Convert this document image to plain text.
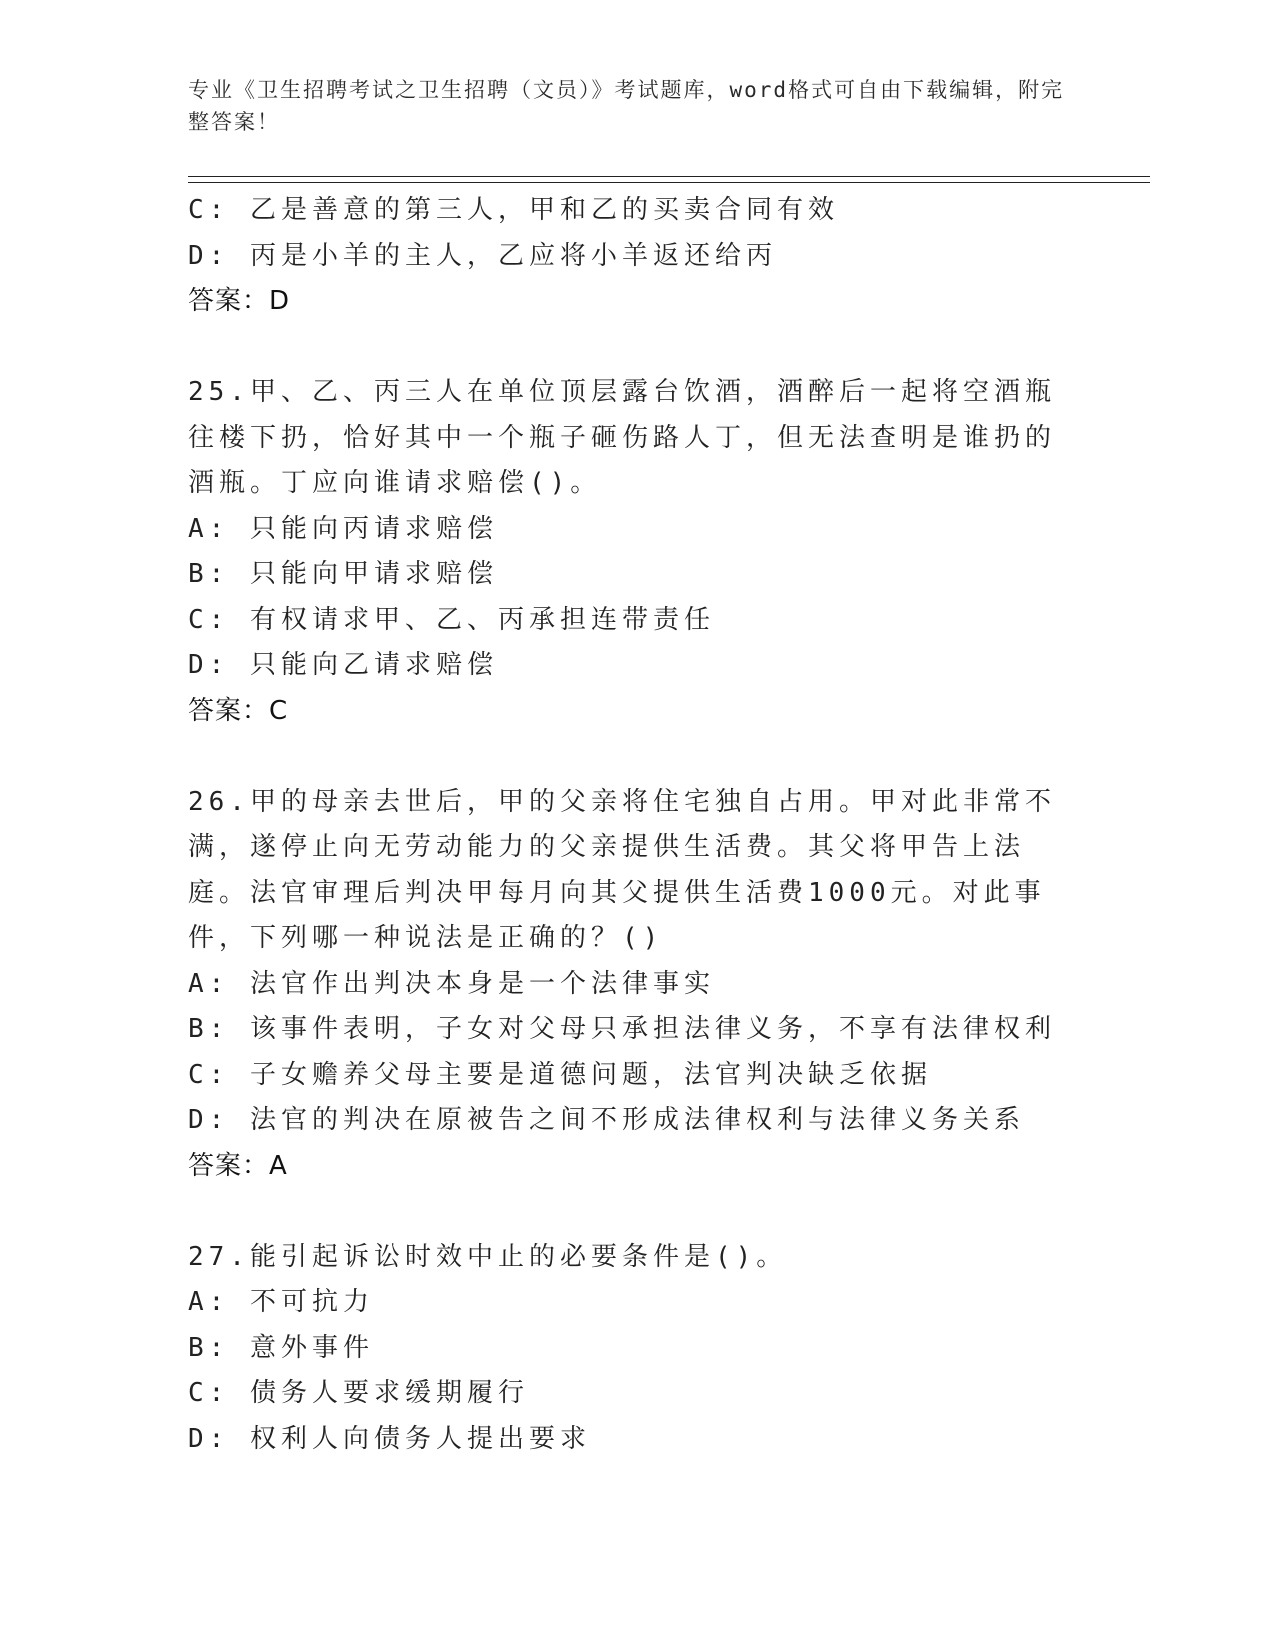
专业《卫生招聘考试之卫生招聘（文员）》考试题库，word格式可自由下载编辑，附完整答案！
C: 乙是善意的第三人，甲和乙的买卖合同有效
D: 丙是小羊的主人，乙应将小羊返还给丙
答案：D
25.甲、乙、丙三人在单位顶层露台饮酒，酒醉后一起将空酒瓶往楼下扔，恰好其中一个瓶子砸伤路人丁，但无法查明是谁扔的酒瓶。丁应向谁请求赔偿()。
A: 只能向丙请求赔偿
B: 只能向甲请求赔偿
C: 有权请求甲、乙、丙承担连带责任
D: 只能向乙请求赔偿
答案：C
26.甲的母亲去世后，甲的父亲将住宅独自占用。甲对此非常不满，遂停止向无劳动能力的父亲提供生活费。其父将甲告上法庭。法官审理后判决甲每月向其父提供生活费1000元。对此事件，下列哪一种说法是正确的？()
A: 法官作出判决本身是一个法律事实
B: 该事件表明，子女对父母只承担法律义务，不享有法律权利
C: 子女赡养父母主要是道德问题，法官判决缺乏依据
D: 法官的判决在原被告之间不形成法律权利与法律义务关系
答案：A
27.能引起诉讼时效中止的必要条件是()。
A: 不可抗力
B: 意外事件
C: 债务人要求缓期履行
D: 权利人向债务人提出要求
